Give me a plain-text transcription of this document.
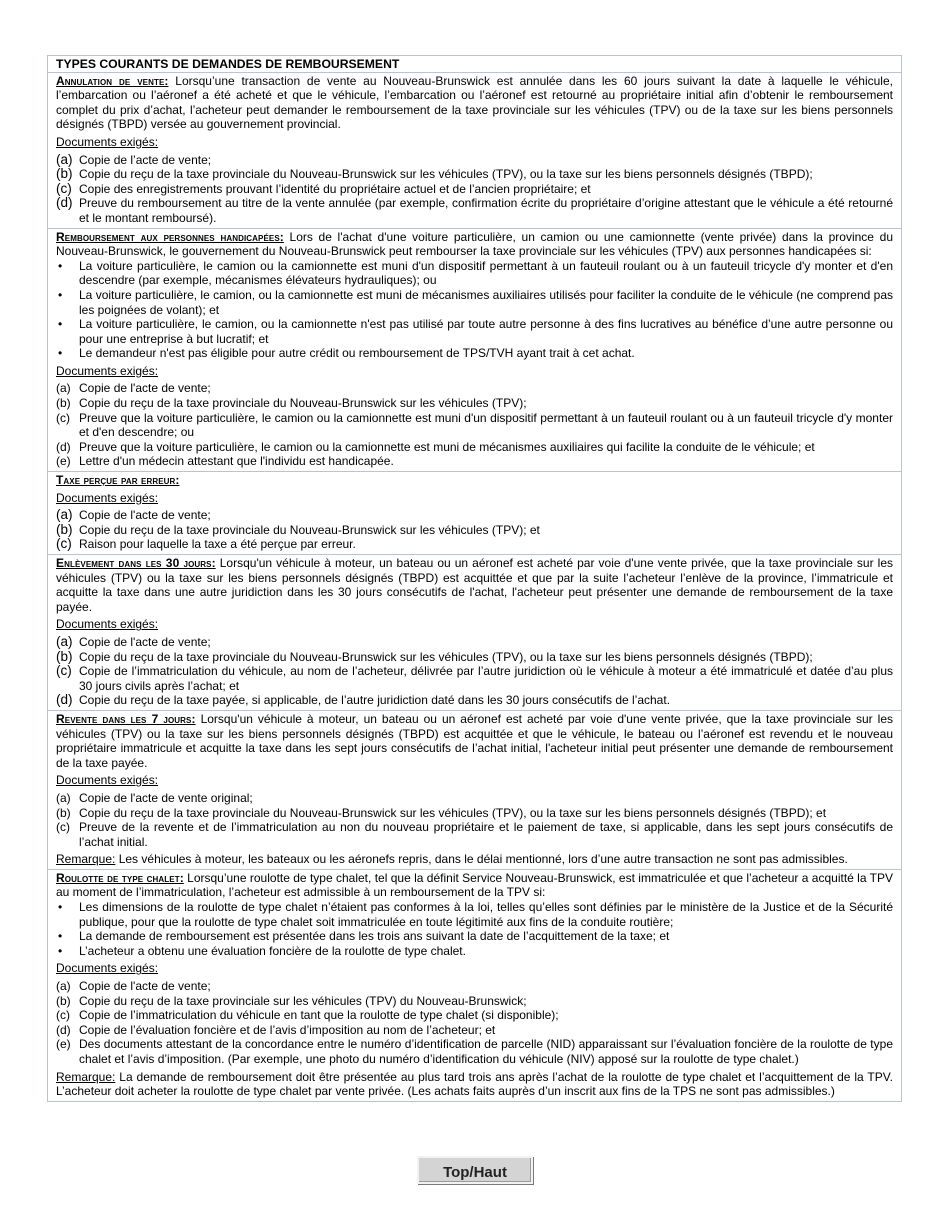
TYPES COURANTS DE DEMANDES DE REMBOURSEMENT
Annulation de vente: Lorsqu’une transaction de vente au Nouveau-Brunswick est annulée dans les 60 jours suivant la date à laquelle le véhicule, l’embarcation ou l’aéronef a été acheté et que le véhicule, l’embarcation ou l’aéronef est retourné au propriétaire initial afin d’obtenir le remboursement complet du prix d’achat, l’acheteur peut demander le remboursement de la taxe provinciale sur les véhicules (TPV) ou de la taxe sur les biens personnels désignés (TBPD) versée au gouvernement provincial.
Documents exigés:
(a) Copie de l’acte de vente;
(b) Copie du reçu de la taxe provinciale du Nouveau-Brunswick sur les véhicules (TPV), ou la taxe sur les biens personnels désignés (TBPD);
(c) Copie des enregistrements prouvant l’identité du propriétaire actuel et de l’ancien propriétaire; et
(d) Preuve du remboursement au titre de la vente annulée (par exemple, confirmation écrite du propriétaire d’origine attestant que le véhicule a été retourné et le montant remboursé).
Remboursement aux personnes handicapées: Lors de l'achat d'une voiture particulière, un camion ou une camionnette (vente privée) dans la province du Nouveau-Brunswick, le gouvernement du Nouveau-Brunswick peut rembourser la taxe provinciale sur les véhicules (TPV) aux personnes handicapées si:
•	La voiture particulière, le camion ou la camionnette est muni d'un dispositif permettant à un fauteuil roulant ou à un fauteuil tricycle d'y monter et d'en descendre (par exemple, mécanismes élévateurs hydrauliques); ou
•	La voiture particulière, le camion, ou la camionnette est muni de mécanismes auxiliaires utilisés pour faciliter la conduite de le véhicule (ne comprend pas les poignées de volant); et
•	La voiture particulière, le camion, ou la camionnette n'est pas utilisé par toute autre personne à des fins lucratives au bénéfice d’une autre personne ou pour une entreprise à but lucratif; et
•	Le demandeur n'est pas éligible pour autre crédit ou remboursement de TPS/TVH ayant trait à cet achat.
Documents exigés:
(a) Copie de l'acte de vente;
(b) Copie du reçu de la taxe provinciale du Nouveau-Brunswick sur les véhicules (TPV);
(c) Preuve que la voiture particulière, le camion ou la camionnette est muni d'un dispositif permettant à un fauteuil roulant ou à un fauteuil tricycle d'y monter et d'en descendre; ou
(d) Preuve que la voiture particulière, le camion ou la camionnette est muni de mécanismes auxiliaires qui facilite la conduite de le véhicule; et
(e) Lettre d'un médecin attestant que l'individu est handicapée.
Taxe perçue par erreur:
Documents exigés:
(a) Copie de l'acte de vente;
(b) Copie du reçu de la taxe provinciale du Nouveau-Brunswick sur les véhicules (TPV); et
(c) Raison pour laquelle la taxe a été perçue par erreur.
Enlèvement dans les 30 jours: Lorsqu'un véhicule à moteur, un bateau ou un aéronef est acheté par voie d'une vente privée, que la taxe provinciale sur les véhicules (TPV) ou la taxe sur les biens personnels désignés (TBPD) est acquittée et que par la suite l’acheteur l’enlève de la province, l’immatricule et acquitte la taxe dans une autre juridiction dans les 30 jours consécutifs de l'achat, l'acheteur peut présenter une demande de remboursement de la taxe payée.
Documents exigés:
(a) Copie de l'acte de vente;
(b) Copie du reçu de la taxe provinciale du Nouveau-Brunswick sur les véhicules (TPV), ou la taxe sur les biens personnels désignés (TBPD);
(c) Copie de l’immatriculation du véhicule, au nom de l’acheteur, délivrée par l’autre juridiction où le véhicule à moteur a été immatriculé et datée d’au plus 30 jours civils après l’achat; et
(d) Copie du reçu de la taxe payée, si applicable, de l’autre juridiction daté dans les 30 jours consécutifs de l’achat.
Revente dans les 7 jours: Lorsqu'un véhicule à moteur, un bateau ou un aéronef est acheté par voie d'une vente privée, que la taxe provinciale sur les véhicules (TPV) ou la taxe sur les biens personnels désignés (TBPD) est acquittée et que le véhicule, le bateau ou l’aéronef est revendu et le nouveau propriétaire immatricule et acquitte la taxe dans les sept jours consécutifs de l’achat initial, l'acheteur initial peut présenter une demande de remboursement de la taxe payée.
Documents exigés:
(a) Copie de l'acte de vente original;
(b) Copie du reçu de la taxe provinciale du Nouveau-Brunswick sur les véhicules (TPV), ou la taxe sur les biens personnels désignés (TBPD); et
(c) Preuve de la revente et de l’immatriculation au non du nouveau propriétaire et le paiement de taxe, si applicable, dans les sept jours consécutifs de l’achat initial.
Remarque: Les véhicules à moteur, les bateaux ou les aéronefs repris, dans le délai mentionné, lors d’une autre transaction ne sont pas admissibles.
Roulotte de type chalet: Lorsqu’une roulotte de type chalet, tel que la définit Service Nouveau-Brunswick, est immatriculée et que l’acheteur a acquitté la TPV au moment de l’immatriculation, l’acheteur est admissible à un remboursement de la TPV si:
•	Les dimensions de la roulotte de type chalet n’étaient pas conformes à la loi, telles qu’elles sont définies par le ministère de la Justice et de la Sécurité publique, pour que la roulotte de type chalet soit immatriculée en toute légitimité aux fins de la conduite routière;
•	La demande de remboursement est présentée dans les trois ans suivant la date de l’acquittement de la taxe; et
•	L’acheteur a obtenu une évaluation foncière de la roulotte de type chalet.
Documents exigés:
(a) Copie de l'acte de vente;
(b) Copie du reçu de la taxe provinciale sur les véhicules (TPV) du Nouveau-Brunswick;
(c) Copie de l’immatriculation du véhicule en tant que la roulotte de type chalet (si disponible);
(d) Copie de l’évaluation foncière et de l’avis d’imposition au nom de l’acheteur; et
(e) Des documents attestant de la concordance entre le numéro d’identification de parcelle (NID) apparaissant sur l’évaluation foncière de la roulotte de type chalet et l’avis d’imposition. (Par exemple, une photo du numéro d’identification du véhicule (NIV) apposé sur la roulotte de type chalet.)
Remarque: La demande de remboursement doit être présentée au plus tard trois ans après l’achat de la roulotte de type chalet et l’acquittement de la TPV. L’acheteur doit acheter la roulotte de type chalet par vente privée. (Les achats faits auprès d’un inscrit aux fins de la TPS ne sont pas admissibles.)
Top/Haut
